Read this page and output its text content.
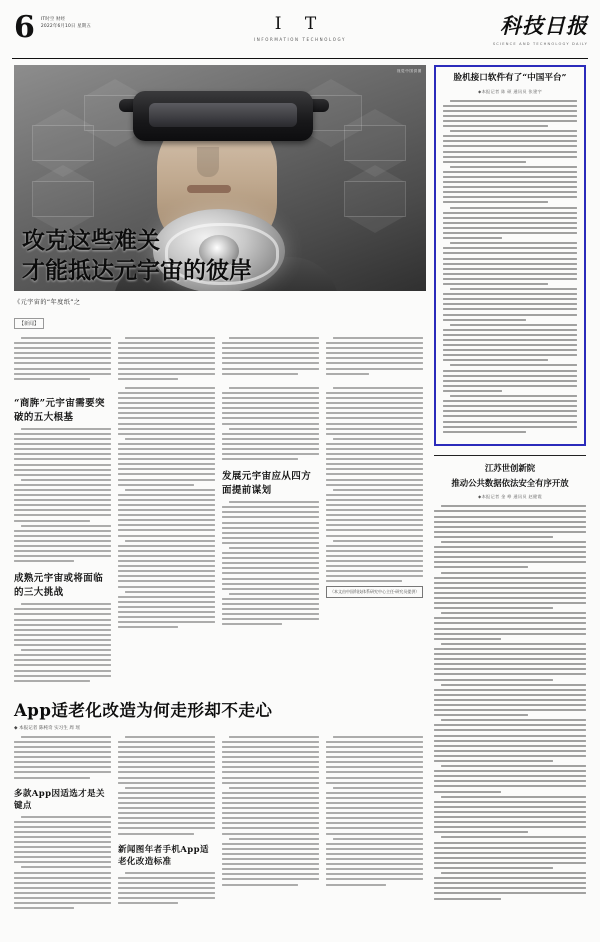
6 IT时空 财经
2022年6月10日 星期五	I T
INFORMATION TECHNOLOGY
科技日报
SCIENCE AND TECHNOLOGY DAILY
视觉中国供图
攻克这些难关
才能抵达元宇宙的彼岸
《元宇宙的“年度纸”之
【新闻】
“商脌”元宇宙需要突破的五大根基
成熟元宇宙或将面临的三大挑战
发展元宇宙应从四方面提前谋划
（本文由中国科技体系研究中心主任·研究员提供）
App适老化改造为何走形却不走心
◆ 本报记者 陈杶奇 实习生 周 瑶
多款App因适选才是关键点
新闻图年者手机App适老化改造标准
脸机接口软件有了“中国平台”
◆本报记者 陈 硕 通讯员 张建宇
江苏世创新院
推动公共数据依法安全有序开放
◆本报记者 金 峥 通讯员 赵健霞
